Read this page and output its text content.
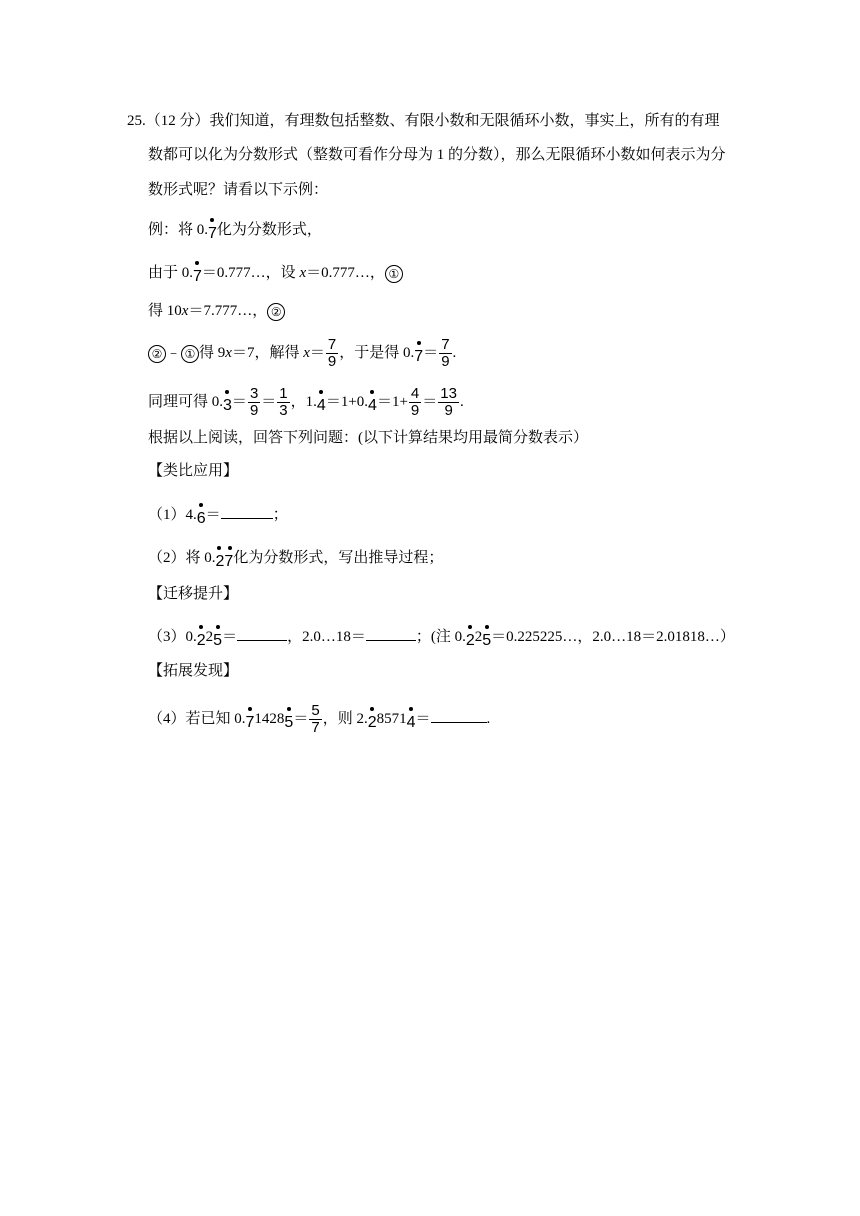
25.（12 分）我们知道，有理数包括整数、有限小数和无限循环小数，事实上，所有的有理
数都可以化为分数形式（整数可看作分母为 1 的分数），那么无限循环小数如何表示为分
数形式呢？请看以下示例：
例：将 0.7化为分数形式，
由于 0.7＝0.777…，设 x＝0.777…， ①
得 10x＝7.777…， ②
② ﹣ ① 得 9x＝7，解得 $x= \frac{7}{9}$ ，于是得 $0.7= \frac{7}{9}$ .
同理可得 $0.3= \frac{3}{9} = \frac{1}{3}$ ，$1.4=1+0.4=1+ \frac{4}{9} = \frac{13}{9}$ .
根据以上阅读，回答下列问题：(以下计算结果均用最简分数表示）
【类比应用】
（1）4.6＝	；
（2）将 0.27化为分数形式，写出推导过程；
【迁移提升】
（3）0.225＝	，2.0…18＝	；(注 0.225＝0.225225…，2.0…18＝2.01818…）
【拓展发现】
（4）若已知 $0.714285= \frac{5}{7}$ ，则 2.285714＝	.
